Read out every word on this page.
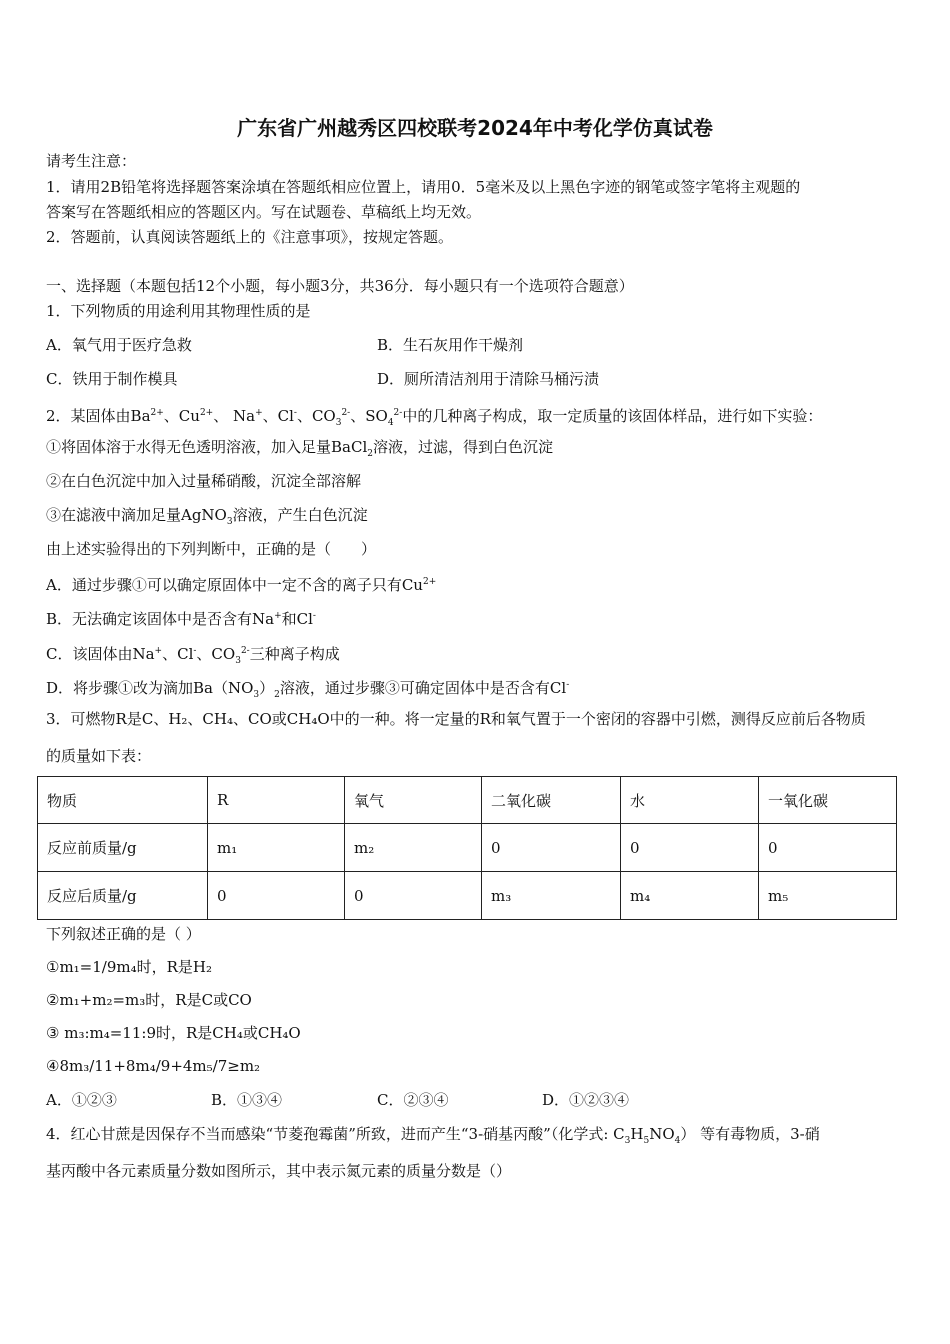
广东省广州越秀区四校联考2024年中考化学仿真试卷
请考生注意：
1．请用2B铅笔将选择题答案涂填在答题纸相应位置上，请用0．5毫米及以上黑色字迹的钢笔或签字笔将主观题的
答案写在答题纸相应的答题区内。写在试题卷、草稿纸上均无效。
2．答题前，认真阅读答题纸上的《注意事项》，按规定答题。
一、选择题（本题包括12个小题，每小题3分，共36分．每小题只有一个选项符合题意）
1．下列物质的用途利用其物理性质的是
A．氧气用于医疗急救	B．生石灰用作干燥剂
C．铁用于制作模具	D．厕所清洁剂用于清除马桶污渍
2．某固体由$Ba^{2+}$、$Cu^{2+}$、 Na+、Cl-、$CO_3^{2-}$、$SO_4^{2-}$中的几种离子构成，取一定质量的该固体样品，进行如下实验：
①将固体溶于水得无色透明溶液，加入足量BaCl$_2$溶液，过滤，得到白色沉淀
②在白色沉淀中加入过量稀硝酸，沉淀全部溶解
③在滤液中滴加足量AgNO$_3$溶液，产生白色沉淀
由上述实验得出的下列判断中，正确的是（　　）
A．通过步骤①可以确定原固体中一定不含的离子只有$Cu^{2+}$
B．无法确定该固体中是否含有Na+和Cl-
C．该固体由Na+、Cl-、$CO_3^{2-}$三种离子构成
D．将步骤①改为滴加$Ba(NO_3)_2$溶液，通过步骤③可确定固体中是否含有Cl-
3．可燃物R是C、H₂、CH₄、CO或CH₄O中的一种。将一定量的R和氧气置于一个密闭的容器中引燃，测得反应前后各物质
的质量如下表：
物质	R	氧气	二氧化碳	水	一氧化碳
反应前质量/g	m₁	m₂	0	0	0
反应后质量/g	0	0	m₃	m₄	m₅
下列叙述正确的是（ ）
①m₁=1/9m₄时，R是H₂
②m₁+m₂=m₃时，R是C或CO
③ m₃:m₄=11:9时，R是CH₄或CH₄O
④8m₃/11+8m₄/9+4m₅/7≥m₂
A．①②③	B．①③④	C．②③④	D．①②③④
4．红心甘蔗是因保存不当而感染“节菱孢霉菌”所致，进而产生“3-硝基丙酸”（化学式: $C_3H_5NO_4$） 等有毒物质，3-硝
基丙酸中各元素质量分数如图所示，其中表示氮元素的质量分数是（）
